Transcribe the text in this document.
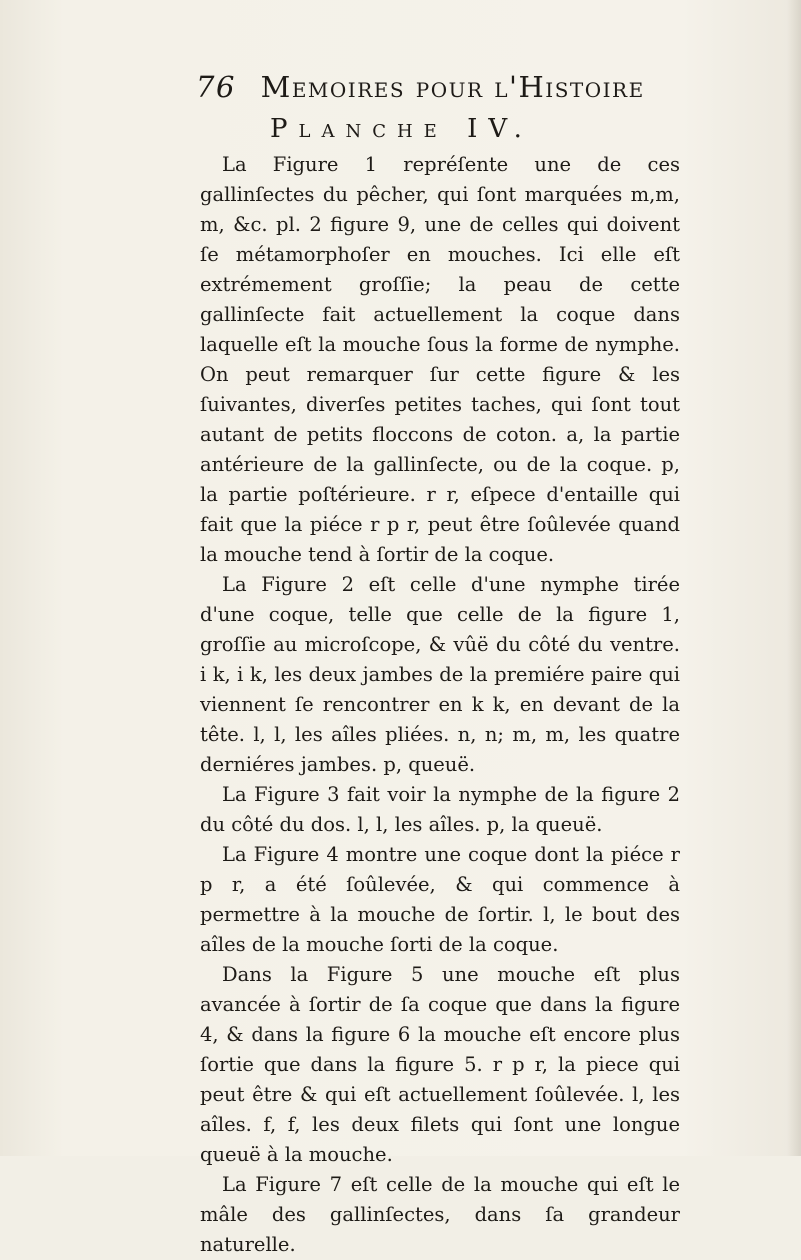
76 Memoires pour l'Histoire
Planche IV.

La Figure 1 repréſente une de ces gallinſectes du pêcher, qui ſont marquées m,m, m, &c. pl. 2 figure 9, une de celles qui doivent ſe métamorphoſer en mouches. Ici elle eſt extrémement groſſie; la peau de cette gallinſecte fait actuellement la coque dans laquelle eſt la mouche ſous la forme de nymphe. On peut remarquer ſur cette figure & les ſuivantes, diverſes petites taches, qui ſont tout autant de petits floccons de coton. a, la partie antérieure de la gallinſecte, ou de la coque. p, la partie poſtérieure. r r, eſpece d'entaille qui fait que la piéce r p r, peut être ſoûlevée quand la mouche tend à ſortir de la coque.

La Figure 2 eſt celle d'une nymphe tirée d'une coque, telle que celle de la figure 1, groſſie au microſcope, & vûë du côté du ventre. i k, i k, les deux jambes de la premiére paire qui viennent ſe rencontrer en k k, en devant de la tête. l, l, les aîles pliées. n, n; m, m, les quatre derniéres jambes. p, queuë.

La Figure 3 fait voir la nymphe de la figure 2 du côté du dos. l, l, les aîles. p, la queuë.

La Figure 4 montre une coque dont la piéce r p r, a été ſoûlevée, & qui commence à permettre à la mouche de ſortir. l, le bout des aîles de la mouche ſorti de la coque.

Dans la Figure 5 une mouche eſt plus avancée à ſortir de ſa coque que dans la figure 4, & dans la figure 6 la mouche eſt encore plus ſortie que dans la figure 5. r p r, la piece qui peut être & qui eſt actuellement ſoûlevée. l, les aîles. f, f, les deux filets qui ſont une longue queuë à la mouche.

La Figure 7 eſt celle de la mouche qui eſt le mâle des gallinſectes, dans ſa grandeur naturelle.
